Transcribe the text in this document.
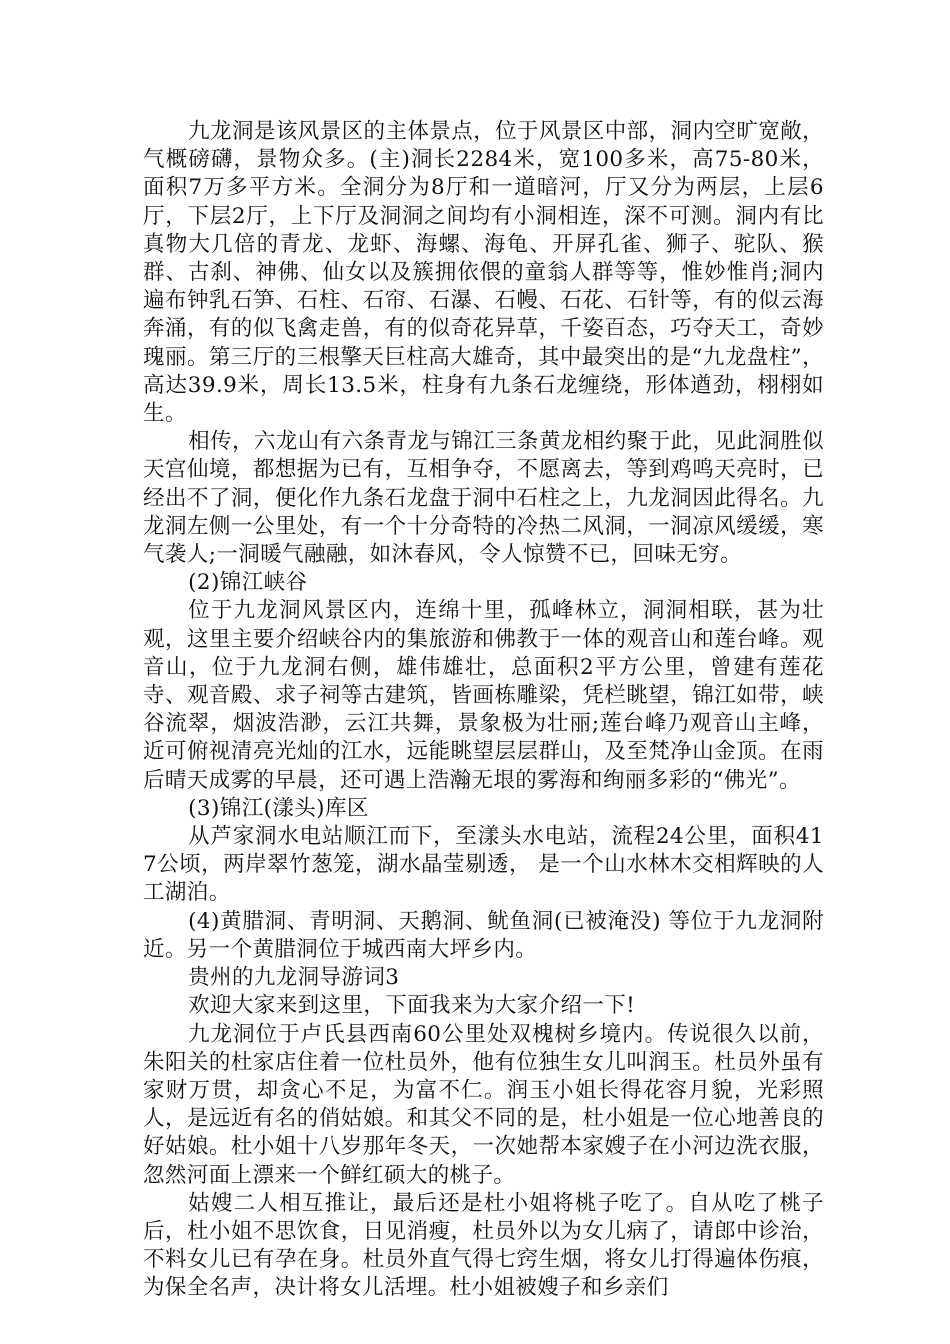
九龙洞是该风景区的主体景点，位于风景区中部，洞内空旷宽敞，气概磅礴，景物众多。(主)洞长2284米，宽100多米，高75-80米，面积7万多平方米。全洞分为8厅和一道暗河，厅又分为两层，上层6厅，下层2厅，上下厅及洞洞之间均有小洞相连，深不可测。洞内有比真物大几倍的青龙、龙虾、海螺、海龟、开屏孔雀、狮子、驼队、猴群、古刹、神佛、仙女以及簇拥依偎的童翁人群等等，惟妙惟肖;洞内遍布钟乳石笋、石柱、石帘、石瀑、石幔、石花、石针等，有的似云海奔涌，有的似飞禽走兽，有的似奇花异草，千姿百态，巧夺天工，奇妙瑰丽。第三厅的三根擎天巨柱高大雄奇，其中最突出的是“九龙盘柱”，高达39.9米，周长13.5米，柱身有九条石龙缠绕，形体遒劲，栩栩如生。

相传，六龙山有六条青龙与锦江三条黄龙相约聚于此，见此洞胜似天宫仙境，都想据为已有，互相争夺，不愿离去，等到鸡鸣天亮时，已经出不了洞，便化作九条石龙盘于洞中石柱之上，九龙洞因此得名。九龙洞左侧一公里处，有一个十分奇特的冷热二风洞，一洞凉风缓缓，寒气袭人;一洞暖气融融，如沐春风，令人惊赞不已，回味无穷。

(2)锦江峡谷

位于九龙洞风景区内，连绵十里，孤峰林立，洞洞相联，甚为壮观，这里主要介绍峡谷内的集旅游和佛教于一体的观音山和莲台峰。观音山，位于九龙洞右侧，雄伟雄壮，总面积2平方公里，曾建有莲花寺、观音殿、求子祠等古建筑，皆画栋雕梁，凭栏眺望，锦江如带，峡谷流翠，烟波浩渺，云江共舞，景象极为壮丽;莲台峰乃观音山主峰，近可俯视清亮光灿的江水，远能眺望层层群山，及至梵净山金顶。在雨后晴天成雾的早晨，还可遇上浩瀚无垠的雾海和绚丽多彩的“佛光”。

(3)锦江(漾头)库区

从芦家洞水电站顺江而下，至漾头水电站，流程24公里，面积417公顷，两岸翠竹葱笼，湖水晶莹剔透， 是一个山水林木交相辉映的人工湖泊。

(4)黄腊洞、青明洞、天鹅洞、鱿鱼洞(已被淹没) 等位于九龙洞附近。另一个黄腊洞位于城西南大坪乡内。

贵州的九龙洞导游词3

欢迎大家来到这里，下面我来为大家介绍一下!

九龙洞位于卢氏县西南60公里处双槐树乡境内。传说很久以前，朱阳关的杜家店住着一位杜员外，他有位独生女儿叫润玉。杜员外虽有家财万贯，却贪心不足，为富不仁。润玉小姐长得花容月貌，光彩照人，是远近有名的俏姑娘。和其父不同的是，杜小姐是一位心地善良的好姑娘。杜小姐十八岁那年冬天，一次她帮本家嫂子在小河边洗衣服，忽然河面上漂来一个鲜红硕大的桃子。

姑嫂二人相互推让，最后还是杜小姐将桃子吃了。自从吃了桃子后，杜小姐不思饮食，日见消瘦，杜员外以为女儿病了，请郎中诊治，不料女儿已有孕在身。杜员外直气得七窍生烟，将女儿打得遍体伤痕，为保全名声，决计将女儿活埋。杜小姐被嫂子和乡亲们
